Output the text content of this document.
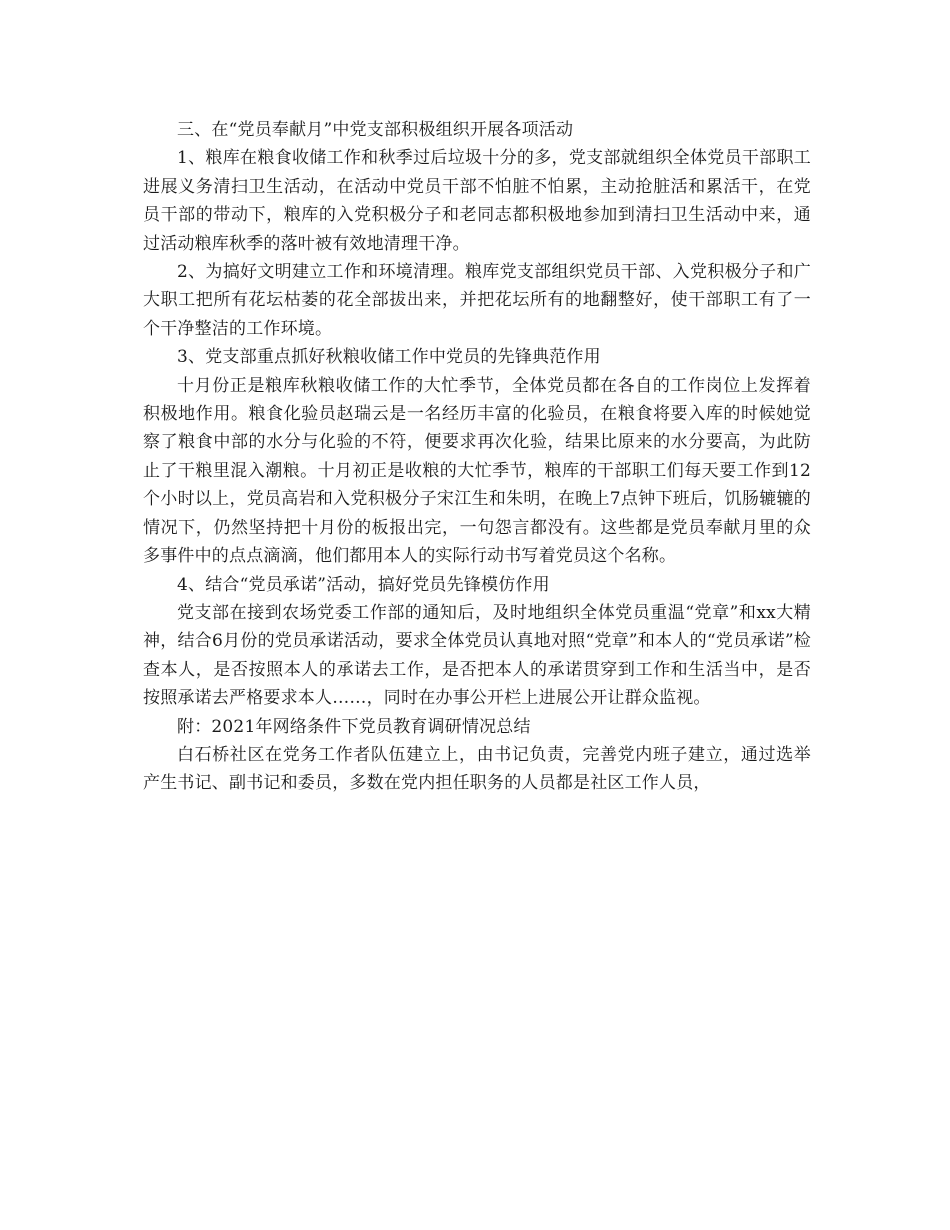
三、在“党员奉献月”中党支部积极组织开展各项活动

1、粮库在粮食收储工作和秋季过后垃圾十分的多，党支部就组织全体党员干部职工进展义务清扫卫生活动，在活动中党员干部不怕脏不怕累，主动抢脏活和累活干，在党员干部的带动下，粮库的入党积极分子和老同志都积极地参加到清扫卫生活动中来，通过活动粮库秋季的落叶被有效地清理干净。

2、为搞好文明建立工作和环境清理。粮库党支部组织党员干部、入党积极分子和广大职工把所有花坛枯萎的花全部拔出来，并把花坛所有的地翻整好，使干部职工有了一个干净整洁的工作环境。

3、党支部重点抓好秋粮收储工作中党员的先锋典范作用

十月份正是粮库秋粮收储工作的大忙季节，全体党员都在各自的工作岗位上发挥着积极地作用。粮食化验员赵瑞云是一名经历丰富的化验员，在粮食将要入库的时候她觉察了粮食中部的水分与化验的不符，便要求再次化验，结果比原来的水分要高，为此防止了干粮里混入潮粮。十月初正是收粮的大忙季节，粮库的干部职工们每天要工作到12个小时以上，党员高岩和入党积极分子宋江生和朱明，在晚上7点钟下班后，饥肠辘辘的情况下，仍然坚持把十月份的板报出完，一句怨言都没有。这些都是党员奉献月里的众多事件中的点点滴滴，他们都用本人的实际行动书写着党员这个名称。

4、结合“党员承诺”活动，搞好党员先锋模仿作用

党支部在接到农场党委工作部的通知后，及时地组织全体党员重温“党章”和xx大精神，结合6月份的党员承诺活动，要求全体党员认真地对照“党章”和本人的“党员承诺”检查本人，是否按照本人的承诺去工作，是否把本人的承诺贯穿到工作和生活当中，是否按照承诺去严格要求本人……，同时在办事公开栏上进展公开让群众监视。

附：2021年网络条件下党员教育调研情况总结

白石桥社区在党务工作者队伍建立上，由书记负责，完善党内班子建立，通过选举产生书记、副书记和委员，多数在党内担任职务的人员都是社区工作人员，
